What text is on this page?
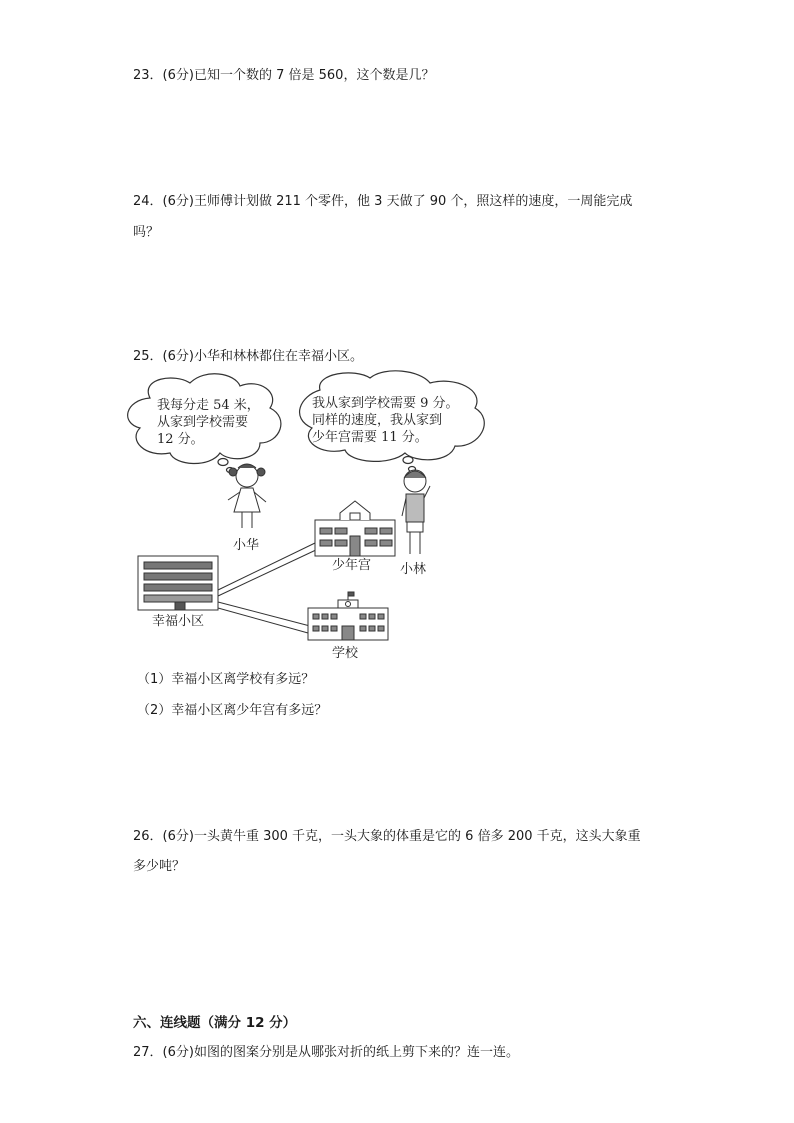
23．(6分)已知一个数的 7 倍是 560，这个数是几？
24．(6分)王师傅计划做 211 个零件，他 3 天做了 90 个，照这样的速度，一周能完成
吗？
25．(6分)小华和林林都住在幸福小区。
我每分走 54 米，
从家到学校需要
12 分。
我从家到学校需要 9 分。
同样的速度，我从家到
少年宫需要 11 分。
小华
小林
少年宫
幸福小区
学校
（1）幸福小区离学校有多远？
（2）幸福小区离少年宫有多远？
26．(6分)一头黄牛重 300 千克，一头大象的体重是它的 6 倍多 200 千克，这头大象重
多少吨？
六、连线题（满分 12 分）
27．(6分)如图的图案分别是从哪张对折的纸上剪下来的？连一连。
